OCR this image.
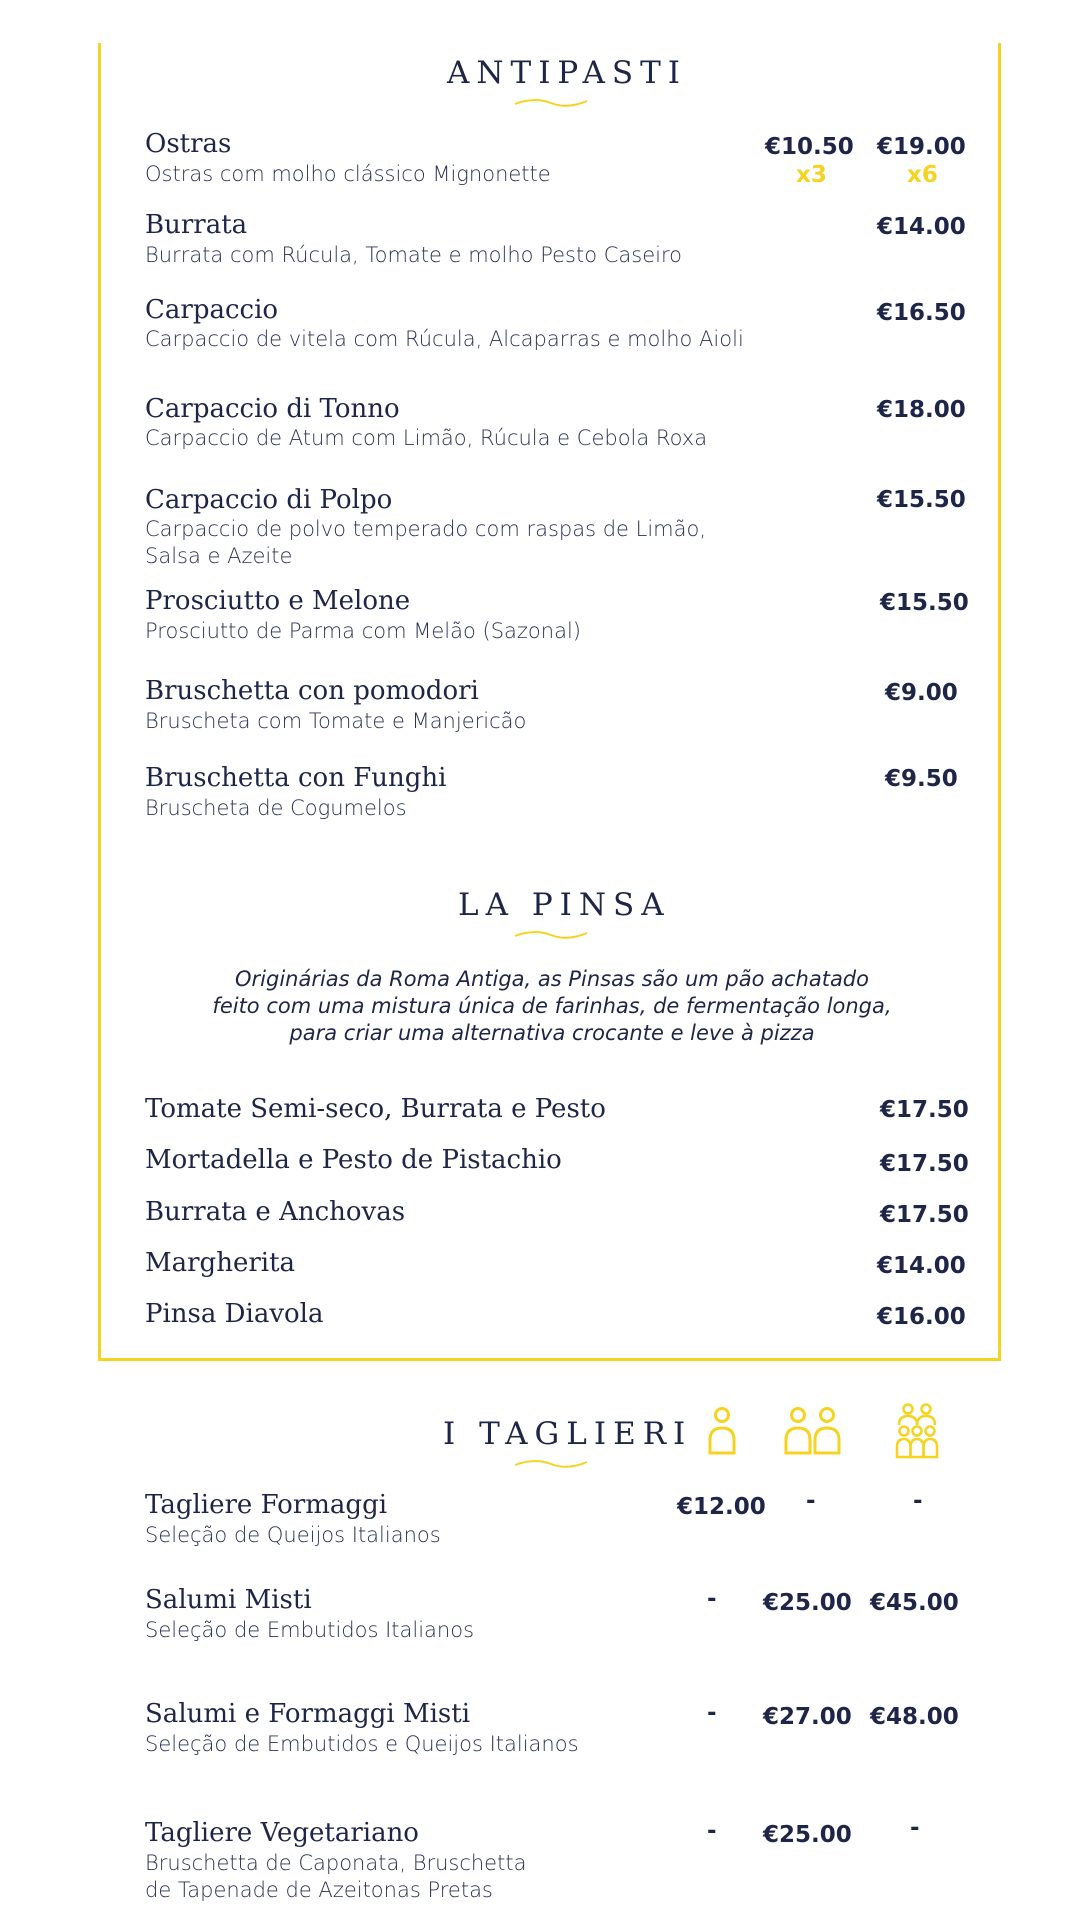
ANTIPASTI
Ostras
Ostras com molho clássico Mignonette
€10.50
x3
€19.00
x6
Burrata
Burrata com Rúcula, Tomate e molho Pesto Caseiro
€14.00
Carpaccio
Carpaccio de vitela com Rúcula, Alcaparras e molho Aioli
€16.50
Carpaccio di Tonno
Carpaccio de Atum com Limão, Rúcula e Cebola Roxa
€18.00
Carpaccio di Polpo
Carpaccio de polvo temperado com raspas de Limão,
Salsa e Azeite
€15.50
Prosciutto e Melone
Prosciutto de Parma com Melão (Sazonal)
€15.50
Bruschetta con pomodori
Bruscheta com Tomate e Manjericão
€9.00
Bruschetta con Funghi
Bruscheta de Cogumelos
€9.50
LA PINSA
Originárias da Roma Antiga, as Pinsas são um pão achatado
feito com uma mistura única de farinhas, de fermentação longa,
para criar uma alternativa crocante e leve à pizza
Tomate Semi-seco, Burrata e Pesto	€17.50
Mortadella e Pesto de Pistachio	€17.50
Burrata e Anchovas	€17.50
Margherita	€14.00
Pinsa Diavola	€16.00
I TAGLIERI
Tagliere Formaggi
Seleção de Queijos Italianos
€12.00 -	-
Salumi Misti
Seleção de Embutidos Italianos
- €25.00 €45.00
Salumi e Formaggi Misti
Seleção de Embutidos e Queijos Italianos
- €27.00 €48.00
Tagliere Vegetariano
Bruschetta de Caponata, Bruschetta
de Tapenade de Azeitonas Pretas
- €25.00	-
